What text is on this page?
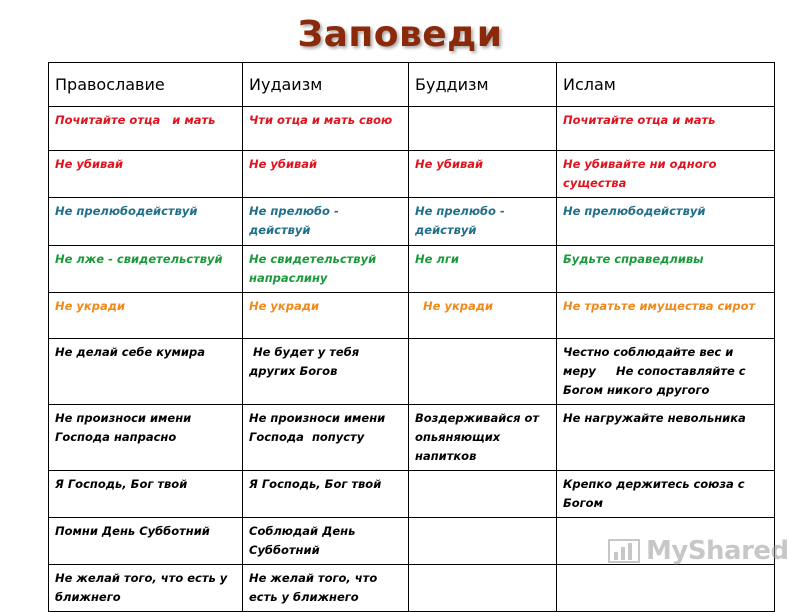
Заповеди
Православие	Иудаизм	Буддизм	Ислам
Почитайте отца   и мать	Чти отца и мать свою		Почитайте отца и мать
Не убивай	Не убивай	Не убивай	Не убивайте ни одного существа
Не прелюбодействуй	Не прелюбо - действуй	Не прелюбо - действуй	Не прелюбодействуй
Не лже - свидетельствуй	Не свидетельствуй напраслину	Не лги	Будьте справедливы
Не укради	Не укради	Не укради	Не тратьте имущества сирот
Не делай себе кумира	Не будет у тебя других Богов		Честно соблюдайте вес и меру     Не сопоставляйте с Богом никого другого
Не произноси имени Господа напрасно	Не произноси имени Господа  попусту	Воздерживайся от опьяняющих напитков	Не нагружайте невольника
Я Господь, Бог твой	Я Господь, Бог твой		Крепко держитесь союза с Богом
Помни День Субботний	Соблюдай День Субботний		
Не желай того, что есть у ближнего	Не желай того, что есть у ближнего		
MyShared
